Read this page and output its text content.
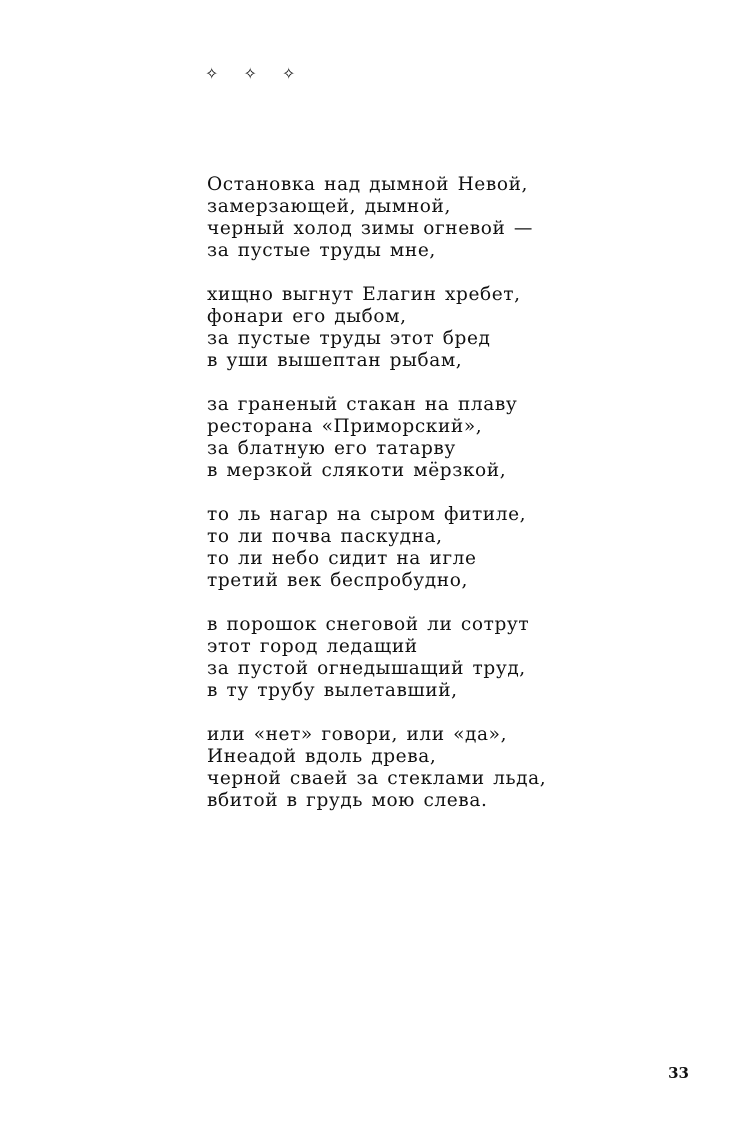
✧ ✧ ✧
Остановка над дымной Невой,
замерзающей, дымной,
черный холод зимы огневой —
за пустые труды мне,
хищно выгнут Елагин хребет,
фонари его дыбом,
за пустые труды этот бред
в уши вышептан рыбам,
за граненый стакан на плаву
ресторана «Приморский»,
за блатную его татарву
в мерзкой слякоти мёрзкой,
то ль нагар на сыром фитиле,
то ли почва паскудна,
то ли небо сидит на игле
третий век беспробудно,
в порошок снеговой ли сотрут
этот город ледащий
за пустой огнедышащий труд,
в ту трубу вылетавший,
или «нет» говори, или «да»,
Инеадой вдоль древа,
черной сваей за стеклами льда,
вбитой в грудь мою слева.
33
